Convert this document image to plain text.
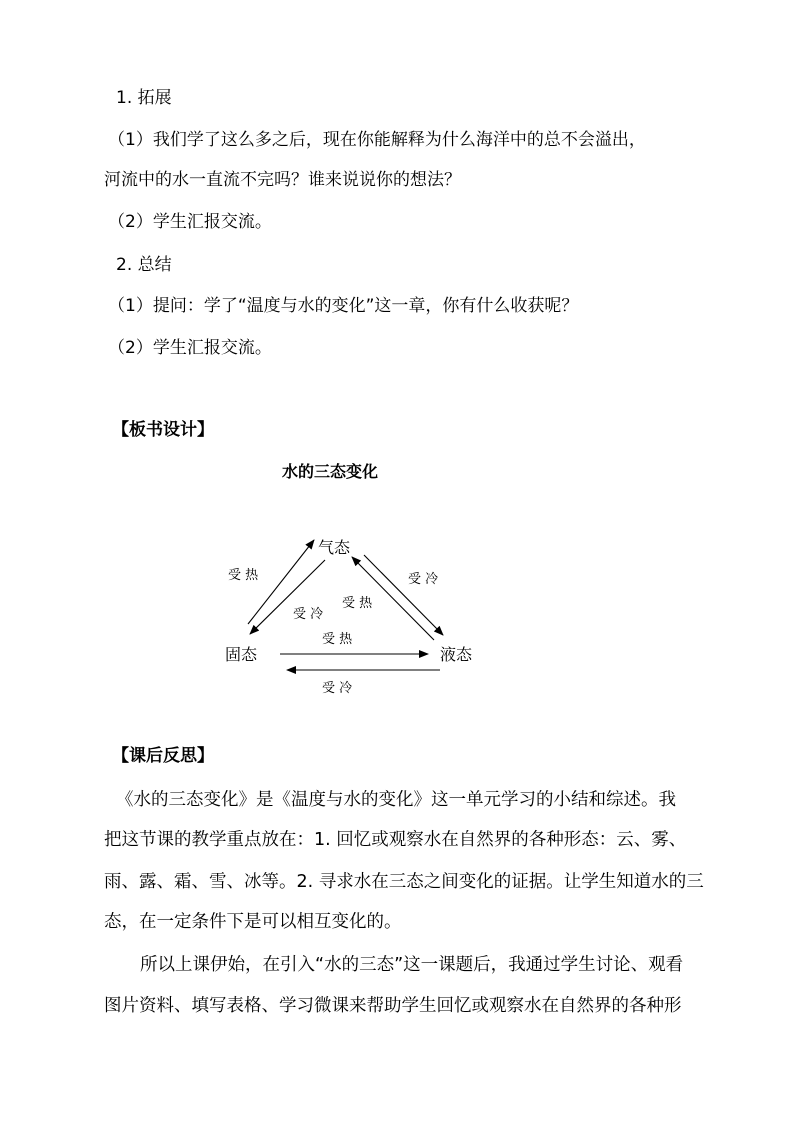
1. 拓展
（1）我们学了这么多之后，现在你能解释为什么海洋中的总不会溢出，
河流中的水一直流不完吗？谁来说说你的想法？
（2）学生汇报交流。
2. 总结
（1）提问：学了“温度与水的变化”这一章，你有什么收获呢？
（2）学生汇报交流。
【板书设计】
水的三态变化
气态
固态	液态
受 热
受 冷
受 热
受 冷
受 热
受 冷
【课后反思】
《水的三态变化》是《温度与水的变化》这一单元学习的小结和综述。我
把这节课的教学重点放在：1. 回忆或观察水在自然界的各种形态：云、雾、
雨、露、霜、雪、冰等。2. 寻求水在三态之间变化的证据。让学生知道水的三
态，在一定条件下是可以相互变化的。
所以上课伊始，在引入“水的三态”这一课题后，我通过学生讨论、观看
图片资料、填写表格、学习微课来帮助学生回忆或观察水在自然界的各种形
